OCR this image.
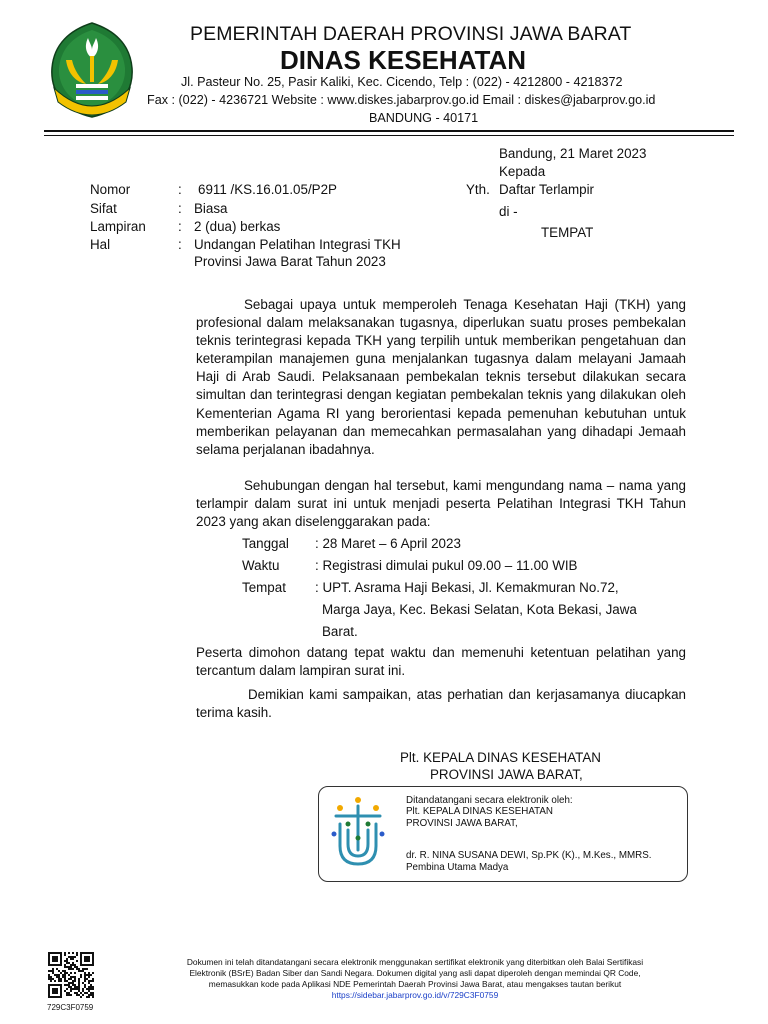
PEMERINTAH DAERAH PROVINSI JAWA BARAT
DINAS KESEHATAN
Jl. Pasteur No. 25, Pasir Kaliki, Kec. Cicendo, Telp : (022) - 4212800 - 4218372
Fax : (022) - 4236721 Website : www.diskes.jabarprov.go.id Email : diskes@jabarprov.go.id
BANDUNG - 40171
Bandung, 21 Maret 2023
Kepada
Yth. Daftar Terlampir
di -
TEMPAT
Nomor	: 6911 /KS.16.01.05/P2P
Sifat	: Biasa
Lampiran : 2 (dua) berkas
Hal	: Undangan Pelatihan Integrasi TKH
Provinsi Jawa Barat Tahun 2023

Sebagai upaya untuk memperoleh Tenaga Kesehatan Haji (TKH) yang profesional dalam melaksanakan tugasnya, diperlukan suatu proses pembekalan teknis terintegrasi kepada TKH yang terpilih untuk memberikan pengetahuan dan keterampilan manajemen guna menjalankan tugasnya dalam melayani Jamaah Haji di Arab Saudi. Pelaksanaan pembekalan teknis tersebut dilakukan secara simultan dan terintegrasi dengan kegiatan pembekalan teknis yang dilakukan oleh Kementerian Agama RI yang berorientasi kepada pemenuhan kebutuhan untuk memberikan pelayanan dan memecahkan permasalahan yang dihadapi Jemaah selama perjalanan ibadahnya.

Sehubungan dengan hal tersebut, kami mengundang nama – nama yang terlampir dalam surat ini untuk menjadi peserta Pelatihan Integrasi TKH Tahun 2023 yang akan diselenggarakan pada:

Tanggal : 28 Maret – 6 April 2023
Waktu	: Registrasi dimulai pukul 09.00 – 11.00 WIB
Tempat : UPT. Asrama Haji Bekasi, Jl. Kemakmuran No.72,
Marga Jaya, Kec. Bekasi Selatan, Kota Bekasi, Jawa
Barat.

Peserta dimohon datang tepat waktu dan memenuhi ketentuan pelatihan yang tercantum dalam lampiran surat ini.

Demikian kami sampaikan, atas perhatian dan kerjasamanya diucapkan terima kasih.

Plt. KEPALA DINAS KESEHATAN
PROVINSI JAWA BARAT,
Ditandatangani secara elektronik oleh:
Plt. KEPALA DINAS KESEHATAN
PROVINSI JAWA BARAT,
dr. R. NINA SUSANA DEWI, Sp.PK (K)., M.Kes., MMRS.
Pembina Utama Madya
729C3F0759
Dokumen ini telah ditandatangani secara elektronik menggunakan sertifikat elektronik yang diterbitkan oleh Balai Sertifikasi
Elektronik (BSrE) Badan Siber dan Sandi Negara. Dokumen digital yang asli dapat diperoleh dengan memindai QR Code,
memasukkan kode pada Aplikasi NDE Pemerintah Daerah Provinsi Jawa Barat, atau mengakses tautan berikut
https://sidebar.jabarprov.go.id/v/729C3F0759
